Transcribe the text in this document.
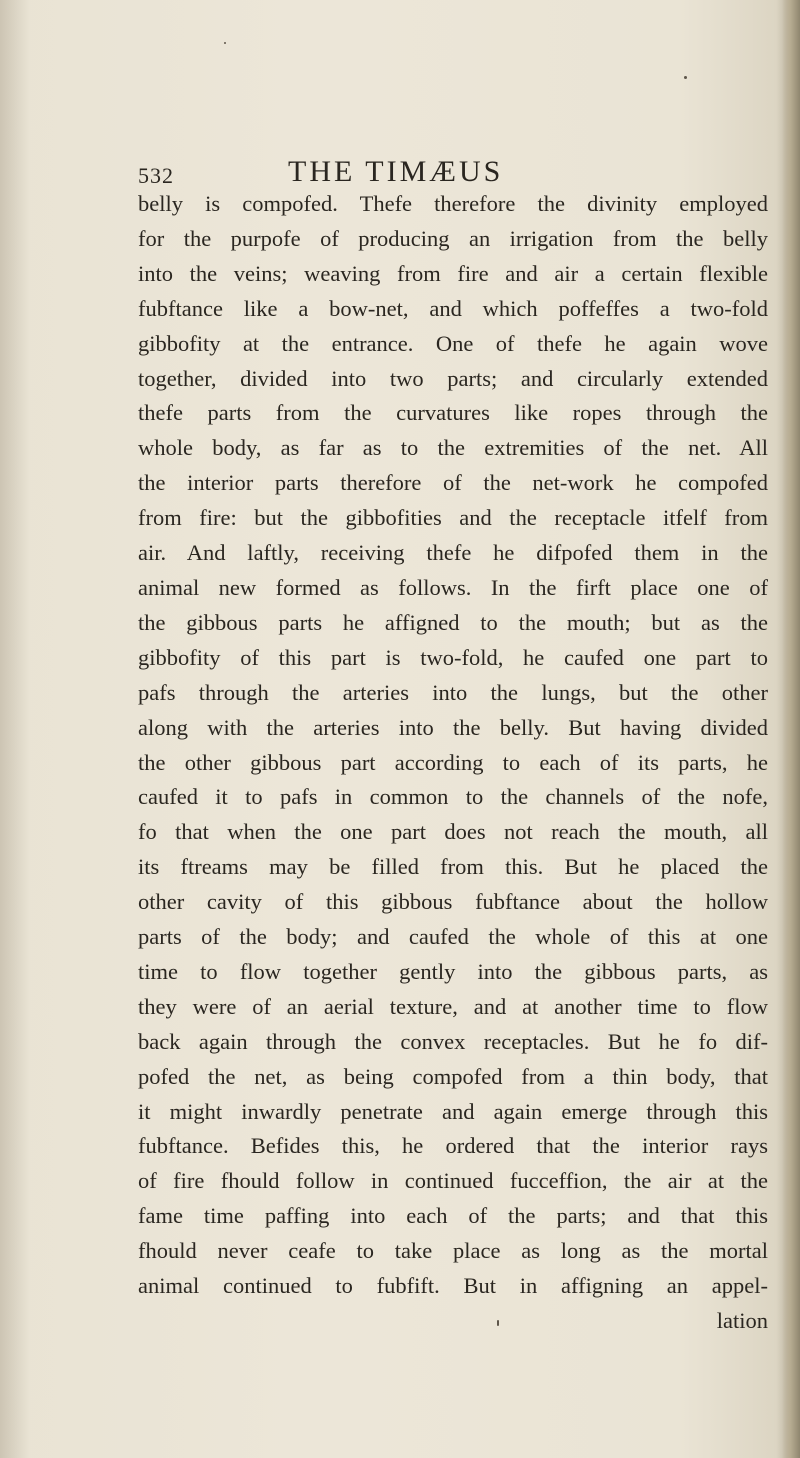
532	THE TIMÆUS

belly is compofed. Thefe therefore the divinity employed
for the purpofe of producing an irrigation from the belly
into the veins; weaving from fire and air a certain flexible
fubftance like a bow-net, and which poffeffes a two-fold
gibbofity at the entrance. One of thefe he again wove
together, divided into two parts; and circularly extended
thefe parts from the curvatures like ropes through the
whole body, as far as to the extremities of the net. All
the interior parts therefore of the net-work he compofed
from fire: but the gibbofities and the receptacle itfelf from
air. And laftly, receiving thefe he difpofed them in the
animal new formed as follows. In the firft place one of
the gibbous parts he affigned to the mouth; but as the
gibbofity of this part is two-fold, he caufed one part to
pafs through the arteries into the lungs, but the other
along with the arteries into the belly. But having divided
the other gibbous part according to each of its parts, he
caufed it to pafs in common to the channels of the nofe,
fo that when the one part does not reach the mouth, all
its ftreams may be filled from this. But he placed the
other cavity of this gibbous fubftance about the hollow
parts of the body; and caufed the whole of this at one
time to flow together gently into the gibbous parts, as
they were of an aerial texture, and at another time to flow
back again through the convex receptacles. But he fo dif-
pofed the net, as being compofed from a thin body, that
it might inwardly penetrate and again emerge through this
fubftance. Befides this, he ordered that the interior rays
of fire fhould follow in continued fucceffion, the air at the
fame time paffing into each of the parts; and that this
fhould never ceafe to take place as long as the mortal
animal continued to fubfift. But in affigning an appel-
lation
